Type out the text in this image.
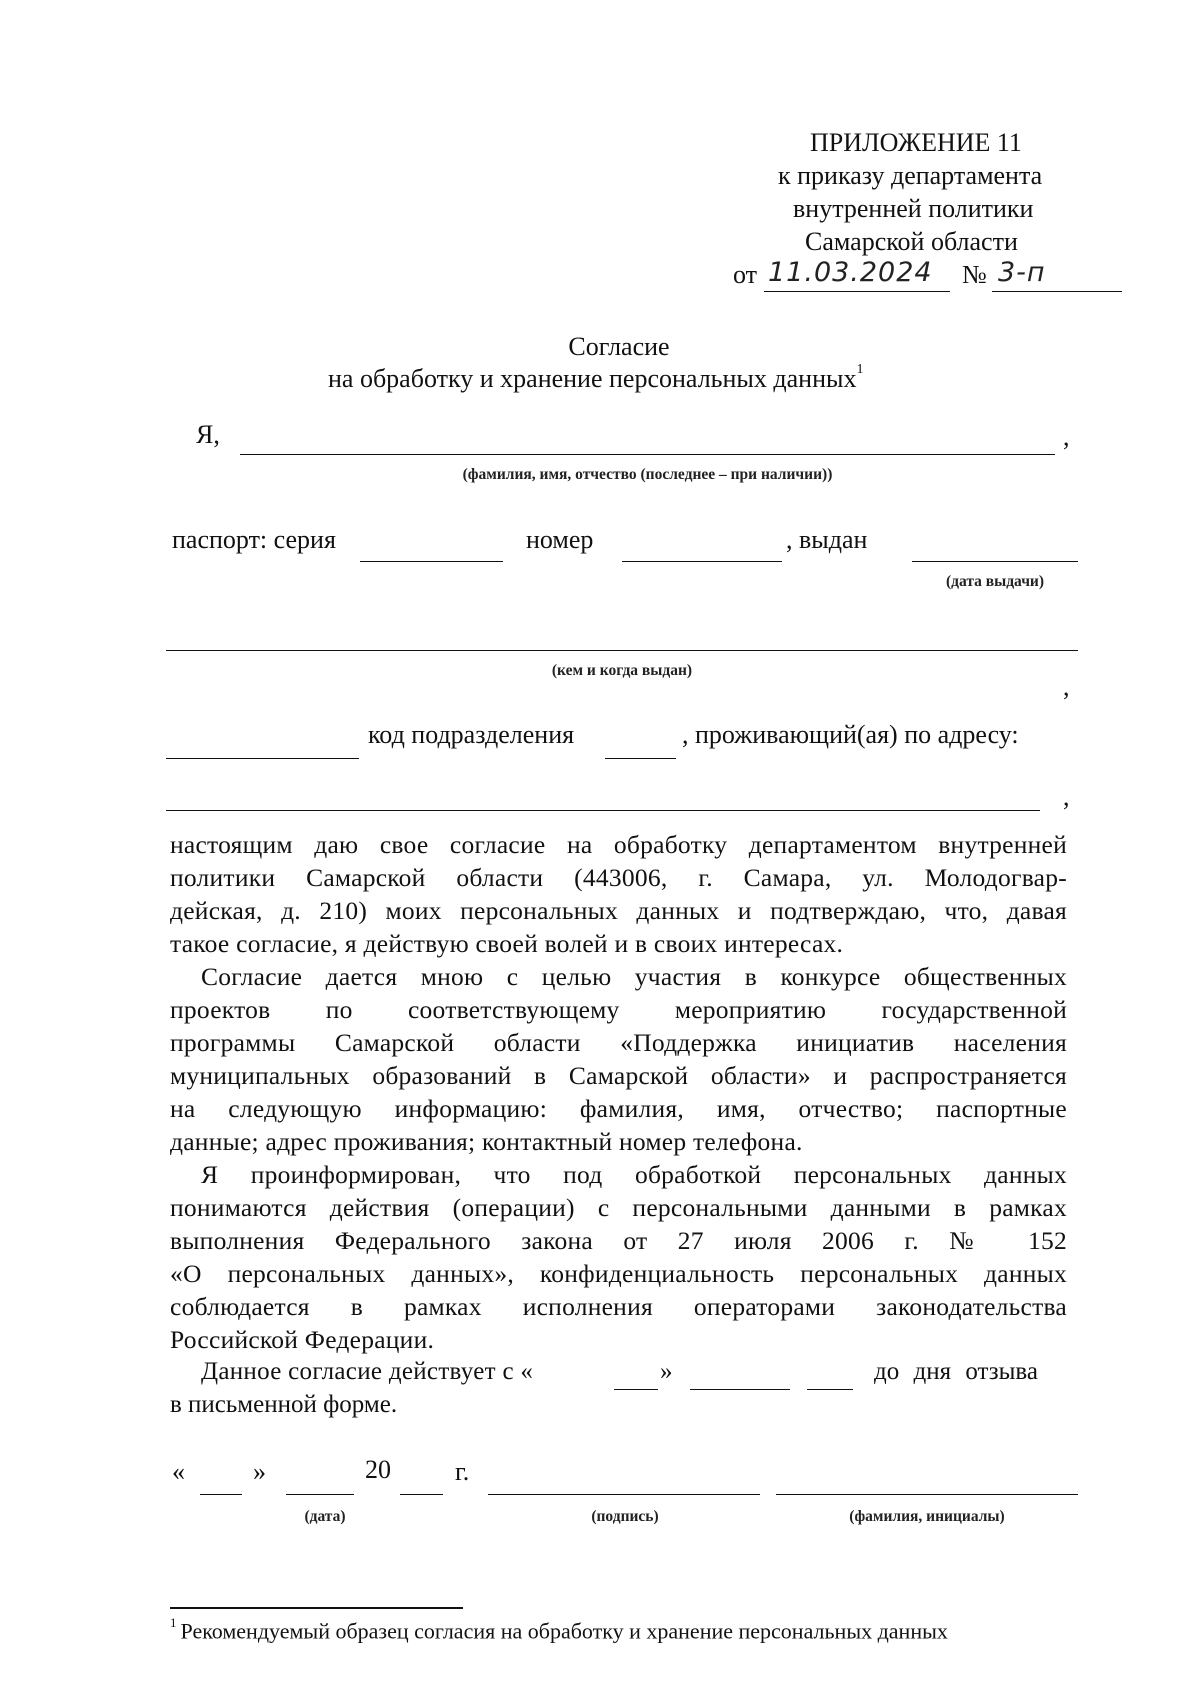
ПРИЛОЖЕНИЕ 11
к приказу департамента
внутренней политики
Самарской области
от 11.03.2024 № 3-п
Согласие
на обработку и хранение персональных данных$^1$
Я,	,
(фамилия, имя, отчество (последнее – при наличии))
паспорт: серия	номер	, выдан
(дата выдачи)
(кем и когда выдан)
,
код подразделения	, проживающий(ая) по адресу:
,
настоящим даю свое согласие на обработку департаментом внутренней
политики Самарской области (443006, г. Самара, ул. Молодогвар-
дейская, д. 210) моих персональных данных и подтверждаю, что, давая
такое согласие, я действую своей волей и в своих интересах.
Согласие дается мною с целью участия в конкурсе общественных
проектов по соответствующему мероприятию государственной
программы Самарской области «Поддержка инициатив населения
муниципальных образований в Самарской области» и распространяется
на следующую информацию: фамилия, имя, отчество; паспортные
данные; адрес проживания; контактный номер телефона.
Я проинформирован, что под обработкой персональных данных
понимаются действия (операции) с персональными данными в рамках
выполнения Федерального закона от 27 июля 2006 г. № 152
«О персональных данных», конфиденциальность персональных данных
соблюдается в рамках исполнения операторами законодательства
Российской Федерации.
Данное согласие действует с «	»	до дня отзыва
в письменной форме.
«	»	20 г.
(дата)	(подпись)	(фамилия, инициалы)
$^1$ Рекомендуемый образец согласия на обработку и хранение персональных данных
